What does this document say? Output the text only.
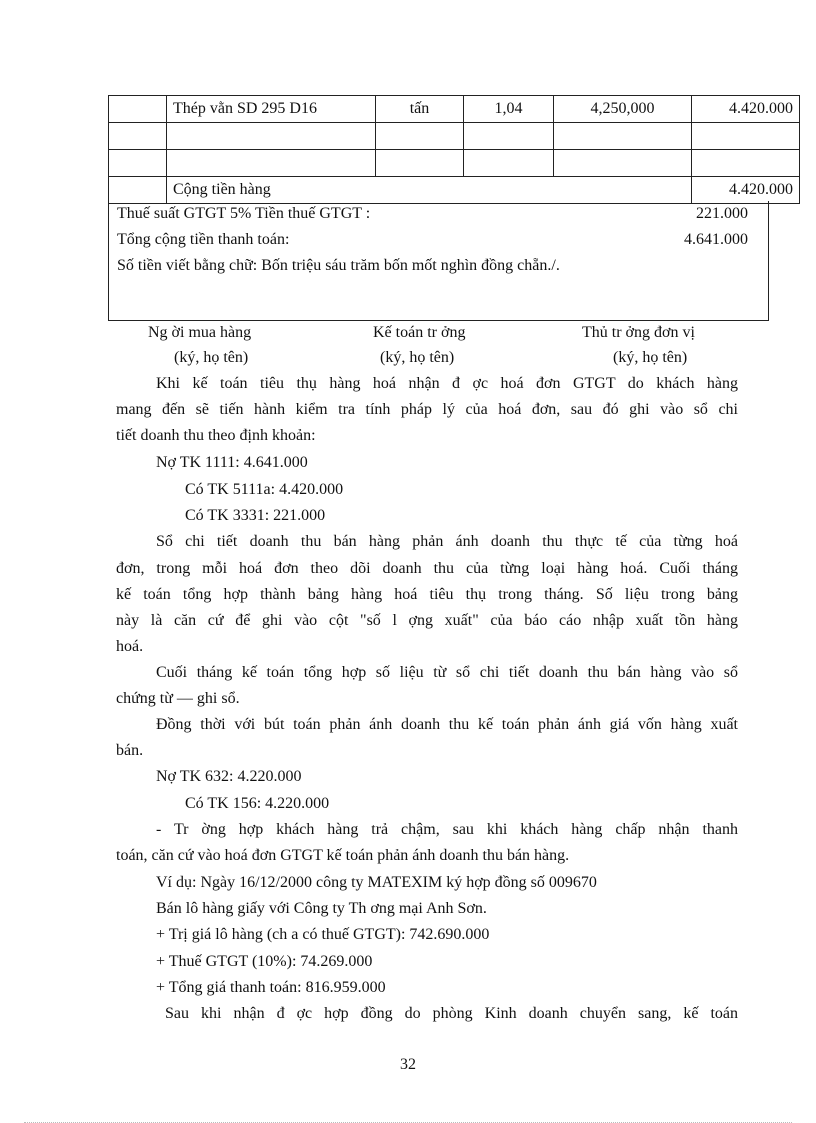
	Thép vằn SD 295 D16	tấn	1,04	4,250,000	4.420.000

	Cộng tiền hàng				4.420.000
Thuế suất GTGT 5% Tiền thuế GTGT :	221.000
Tổng cộng tiền thanh toán:	4.641.000
Số tiền viết bằng chữ: Bốn triệu sáu trăm bốn mốt nghìn đồng chẵn./.
Ng ời mua hàng	Kế toán tr ởng	Thủ tr ởng đơn vị
(ký, họ tên)	(ký, họ tên)	(ký, họ tên)
Khi kế toán tiêu thụ hàng hoá nhận đ ợc hoá đơn GTGT do khách hàng
mang đến sẽ tiến hành kiểm tra tính pháp lý của hoá đơn, sau đó ghi vào sổ chi
tiết doanh thu theo định khoản:
Nợ TK 1111: 4.641.000
Có TK 5111a: 4.420.000
Có TK 3331: 221.000
Sổ chi tiết doanh thu bán hàng phản ánh doanh thu thực tế của từng hoá
đơn, trong mỗi hoá đơn theo dõi doanh thu của từng loại hàng hoá. Cuối tháng
kế toán tổng hợp thành bảng hàng hoá tiêu thụ trong tháng. Số liệu trong bảng
này là căn cứ để ghi vào cột "số l ợng xuất" của báo cáo nhập xuất tồn hàng
hoá.
Cuối tháng kế toán tổng hợp số liệu từ sổ chi tiết doanh thu bán hàng vào sổ
chứng từ — ghi sổ.
Đồng thời với bút toán phản ánh doanh thu kế toán phản ánh giá vốn hàng xuất
bán.
Nợ TK 632: 4.220.000
Có TK 156: 4.220.000
- Tr ờng hợp khách hàng trả chậm, sau khi khách hàng chấp nhận thanh
toán, căn cứ vào hoá đơn GTGT kế toán phản ánh doanh thu bán hàng.
Ví dụ: Ngày 16/12/2000 công ty MATEXIM ký hợp đồng số 009670
Bán lô hàng giấy với Công ty Th ơng mại Anh Sơn.
+ Trị giá lô hàng (ch a có thuế GTGT): 742.690.000
+ Thuế GTGT (10%): 74.269.000
+ Tổng giá thanh toán: 816.959.000
Sau khi nhận đ ợc hợp đồng do phòng Kinh doanh chuyển sang, kế toán
32
